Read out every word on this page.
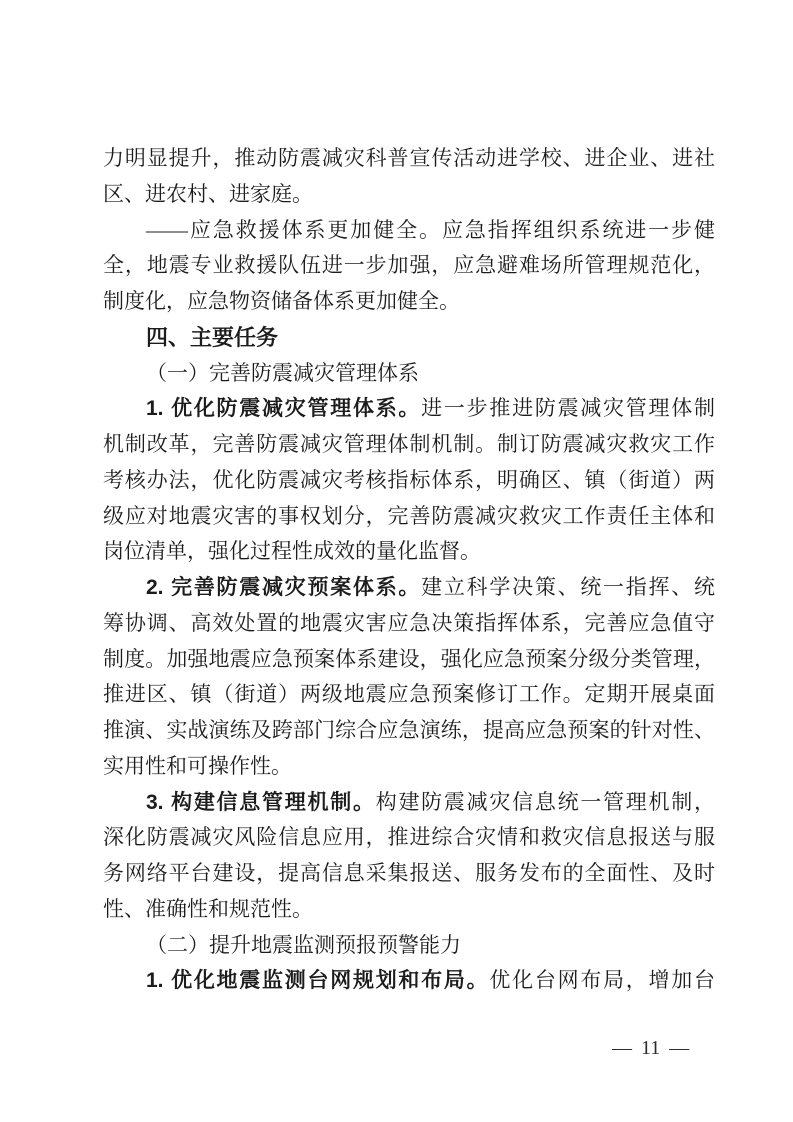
力明显提升，推动防震减灾科普宣传活动进学校、进企业、进社
区、进农村、进家庭。
——应急救援体系更加健全。应急指挥组织系统进一步健
全，地震专业救援队伍进一步加强，应急避难场所管理规范化，
制度化，应急物资储备体系更加健全。
四、主要任务
（一）完善防震减灾管理体系
1. 优化防震减灾管理体系。进一步推进防震减灾管理体制
机制改革，完善防震减灾管理体制机制。制订防震减灾救灾工作
考核办法，优化防震减灾考核指标体系，明确区、镇（街道）两
级应对地震灾害的事权划分，完善防震减灾救灾工作责任主体和
岗位清单，强化过程性成效的量化监督。
2. 完善防震减灾预案体系。建立科学决策、统一指挥、统
筹协调、高效处置的地震灾害应急决策指挥体系，完善应急值守
制度。加强地震应急预案体系建设，强化应急预案分级分类管理，
推进区、镇（街道）两级地震应急预案修订工作。定期开展桌面
推演、实战演练及跨部门综合应急演练，提高应急预案的针对性、
实用性和可操作性。
3. 构建信息管理机制。构建防震减灾信息统一管理机制，
深化防震减灾风险信息应用，推进综合灾情和救灾信息报送与服
务网络平台建设，提高信息采集报送、服务发布的全面性、及时
性、准确性和规范性。
（二）提升地震监测预报预警能力
1. 优化地震监测台网规划和布局。优化台网布局，增加台
— 11 —
